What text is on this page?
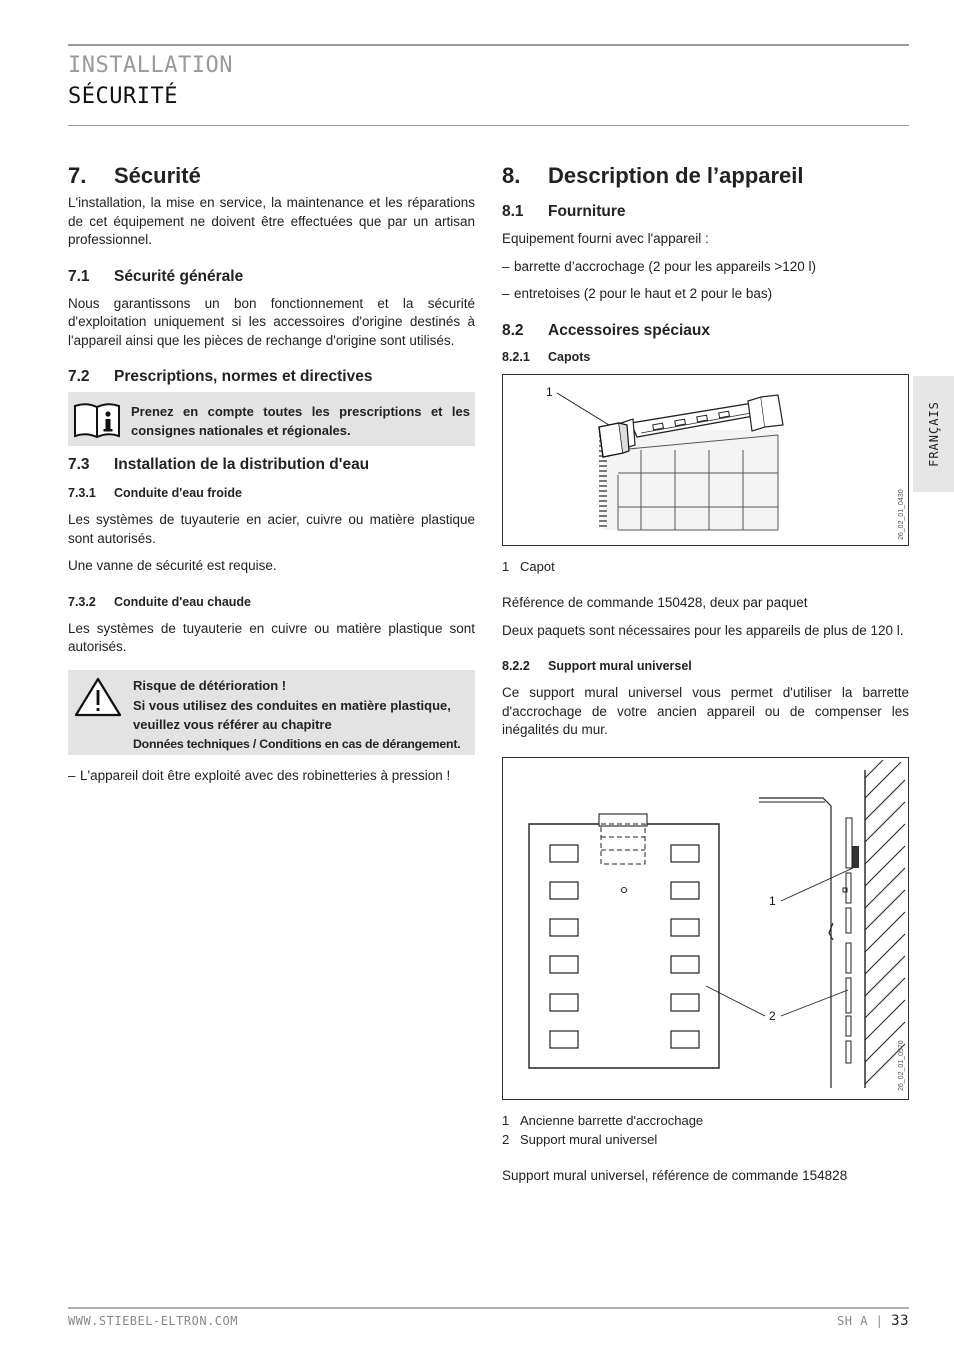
INSTALLATION
SÉCURITÉ
7.	Sécurité

L'installation, la mise en service, la maintenance et les réparations de cet équipement ne doivent être effectuées que par un artisan professionnel.

7.1	Sécurité générale

Nous garantissons un bon fonctionnement et la sécurité d'exploitation uniquement si les accessoires d'origine destinés à l'appareil ainsi que les pièces de rechange d'origine sont utilisés.

7.2	Prescriptions, normes et directives
Prenez en compte toutes les prescriptions et les consignes nationales et régionales.
7.3	Installation de la distribution d'eau
7.3.1	Conduite d'eau froide

Les systèmes de tuyauterie en acier, cuivre ou matière plastique sont autorisés.

Une vanne de sécurité est requise.

7.3.2	Conduite d'eau chaude

Les systèmes de tuyauterie en cuivre ou matière plastique sont autorisés.

Risque de détérioration !
Si vous utilisez des conduites en matière plastique, veuillez vous référer au chapitre
Données techniques / Conditions en cas de dérangement.
– L'appareil doit être exploité avec des robinetteries à pression !
8.	Description de l’appareil
8.1	Fourniture

Equipement fourni avec l'appareil :

– barrette d’accrochage (2 pour les appareils >120 l)
– entretoises (2 pour le haut et 2 pour le bas)
8.2	Accessoires spéciaux
8.2.1	Capots
1
26_02_01_0430
1 Capot

Référence de commande 150428, deux par paquet

Deux paquets sont nécessaires pour les appareils de plus de 120 l.

8.2.2	Support mural universel

Ce support mural universel vous permet d'utiliser la barrette d'accrochage de votre ancien appareil ou de compenser les inégalités du mur.

1
2
26_02_01_0570
1 Ancienne barrette d'accrochage
2 Support mural universel

Support mural universel, référence de commande 154828

FRANÇAIS
WWW.STIEBEL-ELTRON.COM	SH A | 33
